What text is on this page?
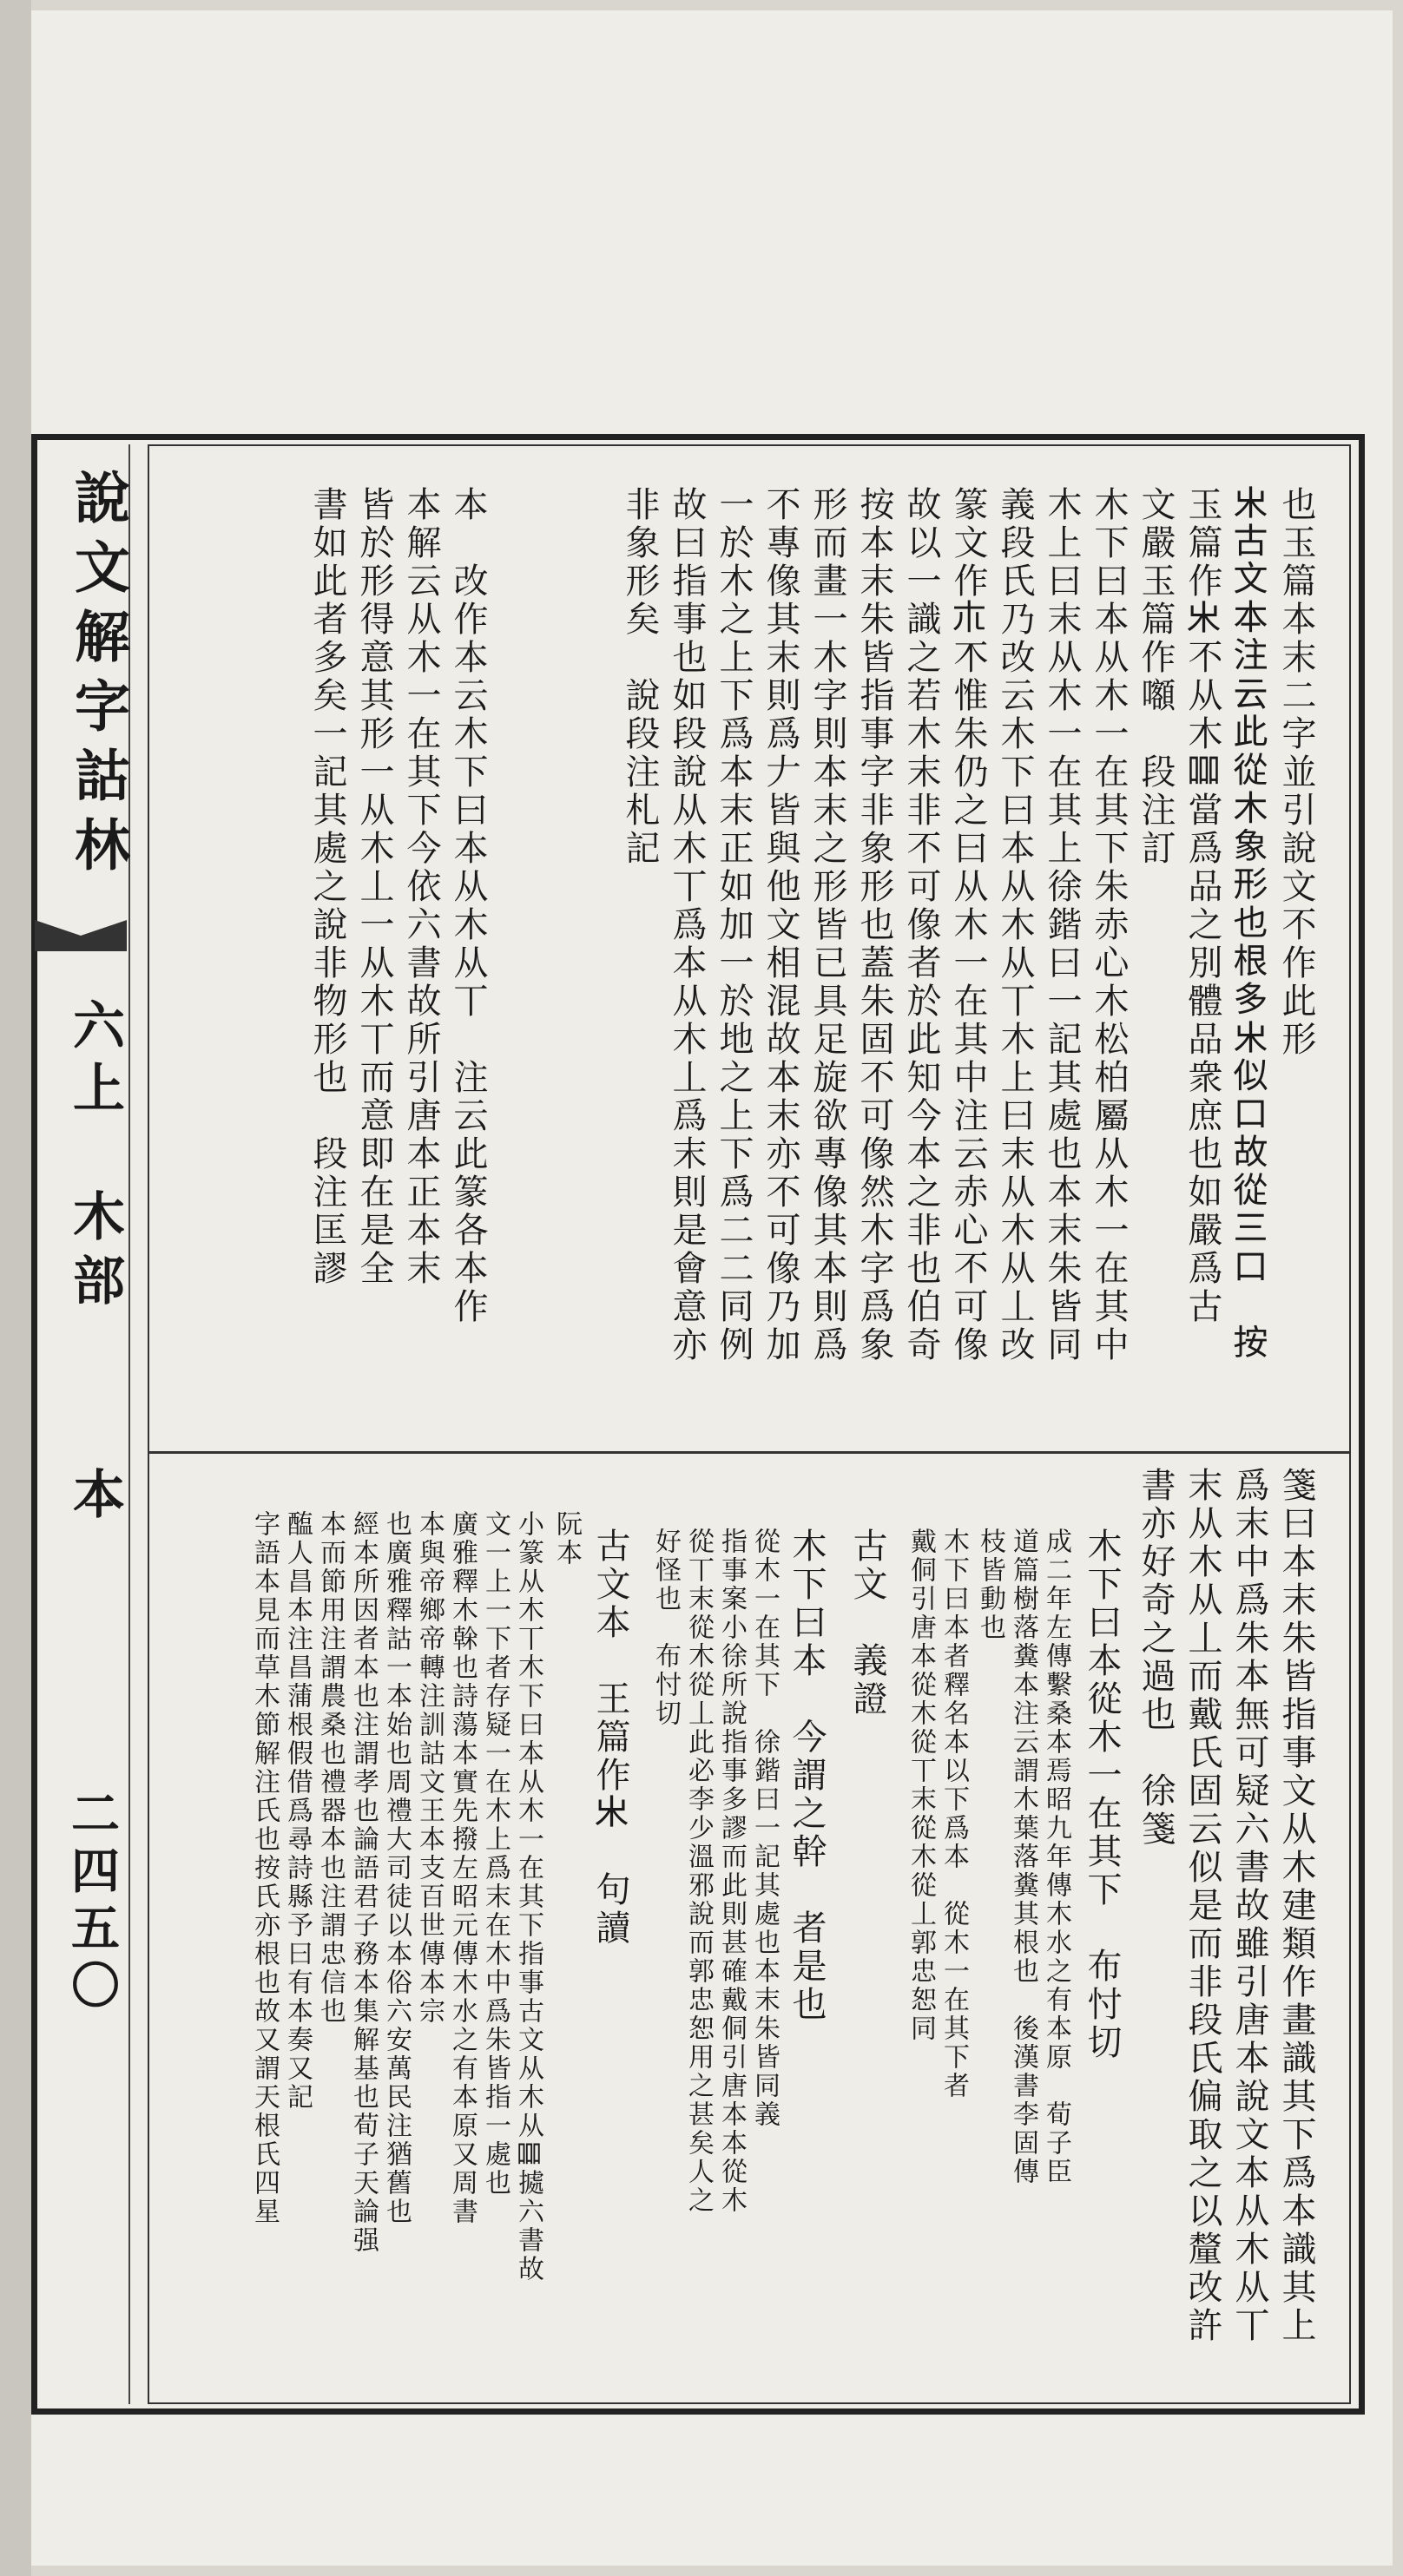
說文解字詁林
六上
木部
本
二四五〇
也玉篇本末二字並引說文不作此形
𣎵古文本注云此從木象形也根多𣎵似口故從三口　按
玉篇作𣎵不从木𠱠當爲品之別體品衆庶也如嚴爲古
文嚴玉篇作𡅅　段注訂
木下曰本从木一在其下朱赤心木松柏屬从木一在其中
木上曰末从木一在其上徐鍇曰一記其處也本末朱皆同
義段氏乃改云木下曰本从木从丅木上曰末从木从丄改
篆文作𣎳𣎴惟朱仍之曰从木一在其中注云赤心不可像
故以一識之若木末非不可像者於此知今本之非也伯奇
按本末朱皆指事字非象形也蓋朱固不可像然木字爲象
形而畫一木字則本末之形皆已具足旋欲專像其本則爲
不專像其末則爲𠂇皆與他文相混故本末亦不可像乃加
一於木之上下爲本末正如加一於地之上下爲二二同例
故曰指事也如段說从木丅爲本从木丄爲末則是會意亦
非象形矣　說段注札記
本　改作本云木下曰本从木从丅　注云此篆各本作
本解云从木一在其下今依六書故所引唐本正本末
皆於形得意其形一从木丄一从木丅而意即在是全
書如此者多矣一記其處之說非物形也　段注匡謬
箋曰本末朱皆指事文从木建類作畫識其下爲本識其上
爲末中爲朱本無可疑六書故雖引唐本說文本从木从丅
末从木从丄而戴氏固云似是而非段氏偏取之以釐改許
書亦好奇之過也　徐箋
木下曰本從木一在其下　布忖切
成二年左傳繫桑本焉昭九年傳木水之有本原　荀子臣
道篇樹落糞本注云謂木葉落糞其根也　後漢書李固傳
枝皆動也
木下曰本者釋名本以下爲本　從木一在其下者
戴侗引唐本從木從丅末從木從丄郭忠恕同
古文　義證
木下曰本　今謂之幹　者是也
從木一在其下　徐鍇曰一記其處也本末朱皆同義
指事案小徐所說指事多謬而此則甚確戴侗引唐本本從木
從丅末從木從丄此必李少溫邪說而郭忠恕用之甚矣人之
好怪也　布忖切
古文本　王篇作𣎵　句讀
阮本
小篆从木丅木下曰本从木一在其下指事古文从木从𠱠㨿六書故
文一上一下者存疑一在木上爲末在木中爲朱皆指一處也
廣雅釋木榦也詩蕩本實先撥左昭元傳木水之有本原又周書
本與帝鄉帝轉注訓詁文王本支百世傳本宗
也廣雅釋詁一本始也周禮大司徒以本俗六安萬民注猶舊也
經本所因者本也注謂孝也論語君子務本集解基也荀子天論强
本而節用注謂農桑也禮器本也注謂忠信也
醢人昌本注昌蒲根假借爲尋詩縣予曰有本奏又記
字語本見而草木節解注氏也按氏亦根也故又謂天根氏四星
